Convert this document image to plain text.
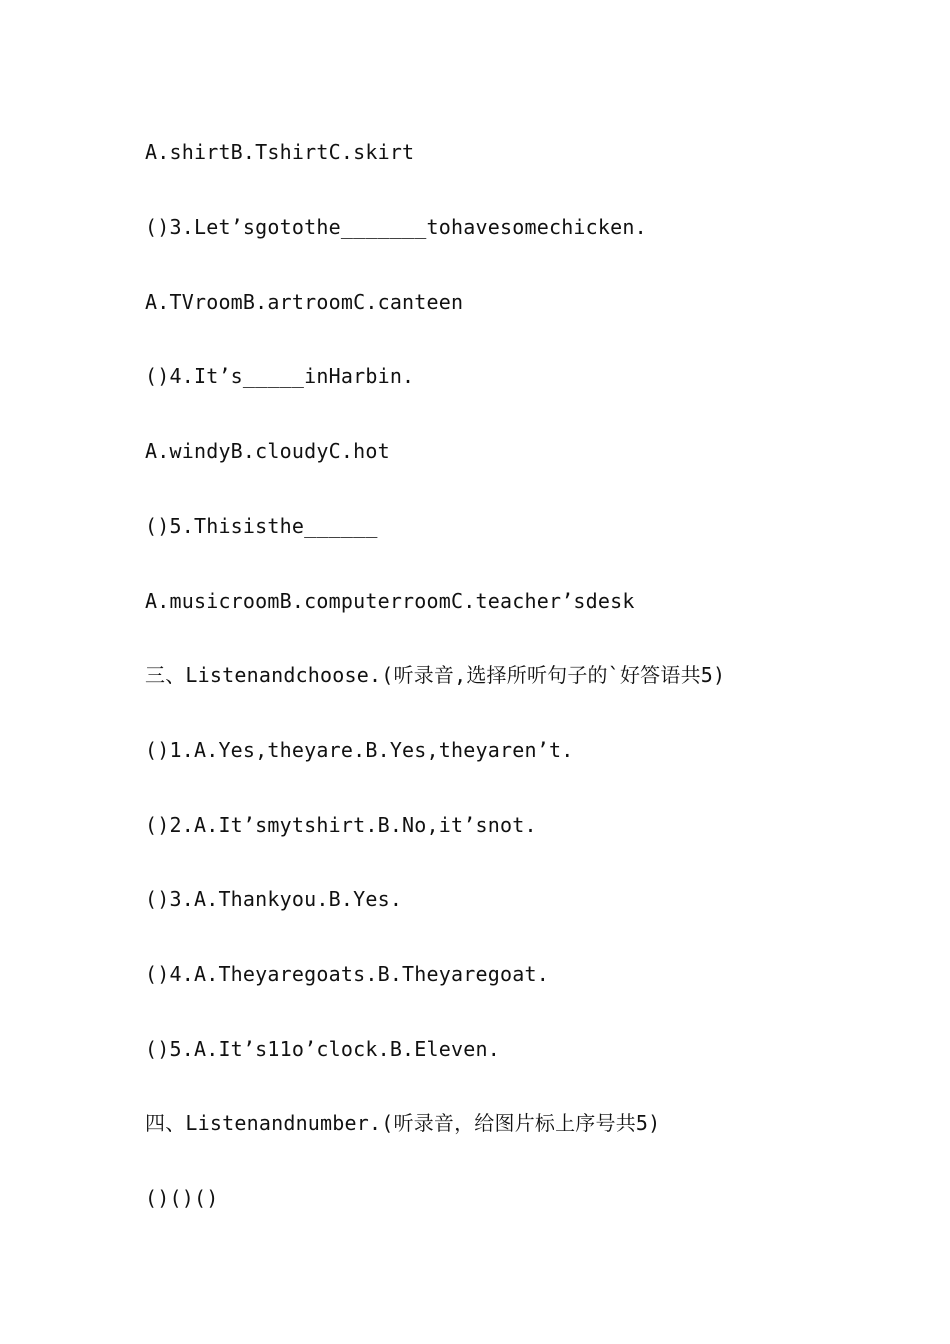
A.shirtB.TshirtC.skirt
()3.Let’sgotothe_______tohavesomechicken.
A.TVroomB.artroomC.canteen
()4.It’s_____inHarbin.
A.windyB.cloudyC.hot
()5.Thisisthe______
A.musicroomB.computerroomC.teacher’sdesk
三、Listenandchoose.(听录音,选择所听句子的`好答语共5)
()1.A.Yes,theyare.B.Yes,theyaren’t.
()2.A.It’smytshirt.B.No,it’snot.
()3.A.Thankyou.B.Yes.
()4.A.Theyaregoats.B.Theyaregoat.
()5.A.It’s11o’clock.B.Eleven.
四、Listenandnumber.(听录音，给图片标上序号共5)
()()()
